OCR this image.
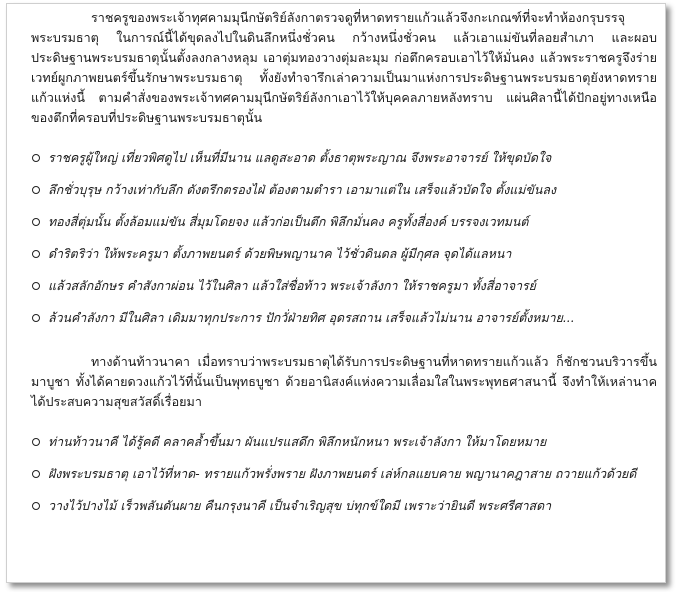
ราชครูของพระเจ้าทุศคามมุนีกษัตริย์ลังกาตรวจดูที่หาดทรายแก้วแล้วจึงกะเกณฑ์ที่จะทำห้องกรุบรรจุพระบรมธาตุ ในการณ์นี้ได้ขุดลงไปในดินลึกหนึ่งชั่วคน กว้างหนึ่งชั่วคน แล้วเอาแม่ขันที่ลอยสำเภา และผอบประดิษฐานพระบรมธาตุนั้นตั้งลงกลางหลุม เอาตุ่มทองวางตุ่มละมุม ก่อตึกครอบเอาไว้ให้มั่นคง แล้วพระราชครูจึงร่ายเวทย์ผูกภาพยนตร์ขึ้นรักษาพระบรมธาตุ ทั้งยังทำจารึกเล่าความเป็นมาแห่งการประดิษฐานพระบรมธาตุยังหาดทรายแก้วแห่งนี้ ตามคำสั่งของพระเจ้าทศคามมุนีกษัตริย์ลังกาเอาไว้ให้บุคคลภายหลังทราบ แผ่นศิลานี้ได้ปักอยู่ทางเหนือของตึกที่ครอบที่ประดิษฐานพระบรมธาตุนั้น

ราชครูผู้ใหญ่ เที่ยวพิศดูไป เห็นที่มีนาน แลดูสะอาด ตั้งธาตุพระญาณ จึงพระอาจารย์ ให้ขุดบัดใจ
ลึกชั่วบุรุษ กว้างเท่ากับลึก ดังตรึกตรองไฝ่ ต้องตามตำรา เอามาแต่ใน เสร็จแล้วบัดใจ ตั้งแม่ขันลง
ทองสี่ตุ่มนั้น ตั้งล้อมแม่ขัน สี่มุมโดยจง แล้วก่อเป็นตึก พิลึกมั่นคง ครูทั้งสี่องค์ บรรจงเวทมนต์
ดำริตริว่า ให้พระครูมา ตั้งภาพยนตร์ ด้วยพิษพญานาค ไว้ชั่วดินดล ผู้มีกุศล จุดได้แลหนา
แล้วสลักอักษร คำสังกาผ่อน ไว้ในศิลา แล้วใส่ชื่อท้าว พระเจ้าลังกา ให้ราชครูมา ทั้งสี่อาจารย์
ล้วนคำลังกา มีในศิลา เดิมมาทุกประการ ปักวั่ฝ่ายทิศ อุดรสถาน เสร็จแล้วไม่นาน อาจารย์ตั้งหมาย...

ทางด้านท้าวนาคา เมื่อทราบว่าพระบรมธาตุได้รับการประดิษฐานที่หาดทรายแก้วแล้ว ก็ชักชวนบริวารขึ้นมาบูชา ทั้งได้คายดวงแก้วไว้ที่นั้นเป็นพุทธบูชา ด้วยอานิสงค์แห่งความเลื่อมใสในพระพุทธศาสนานี้ จึงทำให้เหล่านาคได้ประสบความสุขสวัสดิ์เรื่อยมา

ท่านท้าวนาคี ได้รู้คดี คลาคล้ำขึ้นมา ผันแปรแสดึก พิลึกหนักหนา พระเจ้าลังกา ให้มาโดยหมาย
ฝังพระบรมธาตุ เอาไว้ที่หาด- ทรายแก้วพรั่งพราย ฝังภาพยนตร์ เล่ห์กลแยบคาย พญานาคฎาสาย ถวายแก้วด้วยดี
วางไว้ปางไม้ เร็วพลันดันผาย คืนกรุงนาคี เป็นจำเริญสุข บ่ทุกข์ใดมี เพราะว่ายินดี พระศรีศาสดา
